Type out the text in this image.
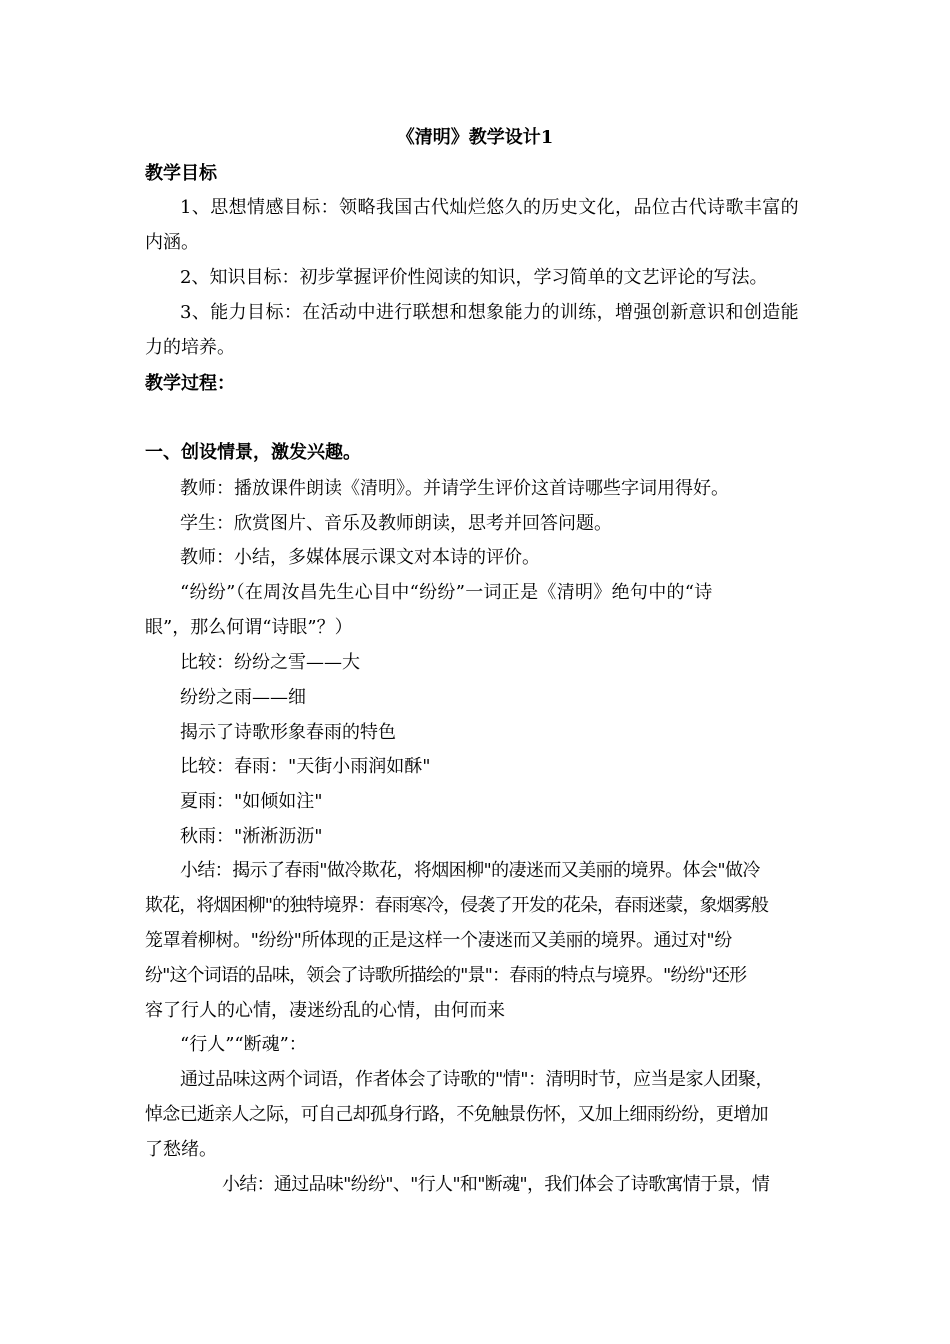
《清明》教学设计1
教学目标
1、思想情感目标：领略我国古代灿烂悠久的历史文化，品位古代诗歌丰富的
内涵。
2、知识目标：初步掌握评价性阅读的知识，学习简单的文艺评论的写法。
3、能力目标：在活动中进行联想和想象能力的训练，增强创新意识和创造能
力的培养。
教学过程：
一、创设情景，激发兴趣。
教师：播放课件朗读《清明》。并请学生评价这首诗哪些字词用得好。
学生：欣赏图片、音乐及教师朗读，思考并回答问题。
教师：小结，多媒体展示课文对本诗的评价。
“纷纷”（在周汝昌先生心目中“纷纷”一词正是《清明》绝句中的“诗
眼”，那么何谓“诗眼”？）
比较：纷纷之雪——大
纷纷之雨——细
揭示了诗歌形象春雨的特色
比较：春雨："天街小雨润如酥"
夏雨："如倾如注"
秋雨："淅淅沥沥"
小结：揭示了春雨"做冷欺花，将烟困柳"的凄迷而又美丽的境界。体会"做冷
欺花，将烟困柳"的独特境界：春雨寒冷，侵袭了开发的花朵，春雨迷蒙，象烟雾般
笼罩着柳树。"纷纷"所体现的正是这样一个凄迷而又美丽的境界。通过对"纷
纷"这个词语的品味，领会了诗歌所描绘的"景"：春雨的特点与境界。"纷纷"还形
容了行人的心情，凄迷纷乱的心情，由何而来
“行人”“断魂”：
通过品味这两个词语，作者体会了诗歌的"情"：清明时节，应当是家人团聚，
悼念已逝亲人之际，可自己却孤身行路，不免触景伤怀，又加上细雨纷纷，更增加
了愁绪。
小结：通过品味"纷纷"、"行人"和"断魂"，我们体会了诗歌寓情于景，情
